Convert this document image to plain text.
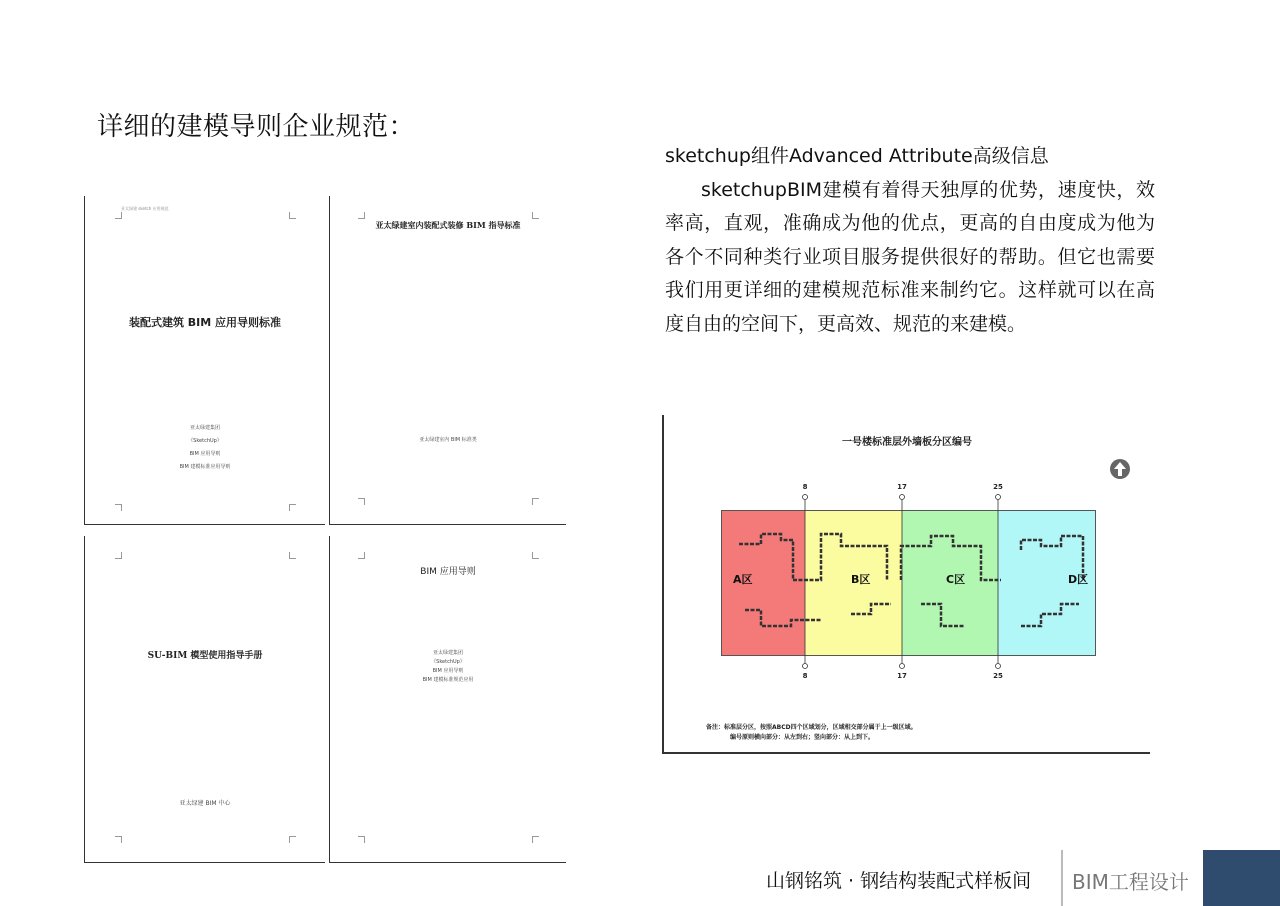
详细的建模导则企业规范：
亚太绿建 sketch 应用规范
装配式建筑 BIM 应用导则标准
亚太绿建集团
《SketchUp》
BIM 应用导则
BIM 建模标准应用导则
亚太绿建室内装配式装修 BIM 指导标准
亚太绿建室内 BIM 标准类
SU-BIM 模型使用指导手册
亚太绿建 BIM 中心
BIM 应用导则
亚太绿建集团
《SketchUp》
BIM 应用导则
BIM 建模标准规范应用
sketchup组件Advanced Attribute高级信息
sketchupBIM建模有着得天独厚的优势，速度快，效率高，直观，准确成为他的优点，更高的自由度成为他为各个不同种类行业项目服务提供很好的帮助。但它也需要我们用更详细的建模规范标准来制约它。这样就可以在高度自由的空间下，更高效、规范的来建模。
一号楼标准层外墙板分区编号
A区	B区	C区	D区
8	17	25
8	17	25
备注：标准层分区，按照ABCD四个区域划分，区域相交部分属于上一级区域。
编号原则横向部分：从左到右；竖向部分：从上到下。
山钢铭筑 · 钢结构装配式样板间 BIM工程设计
